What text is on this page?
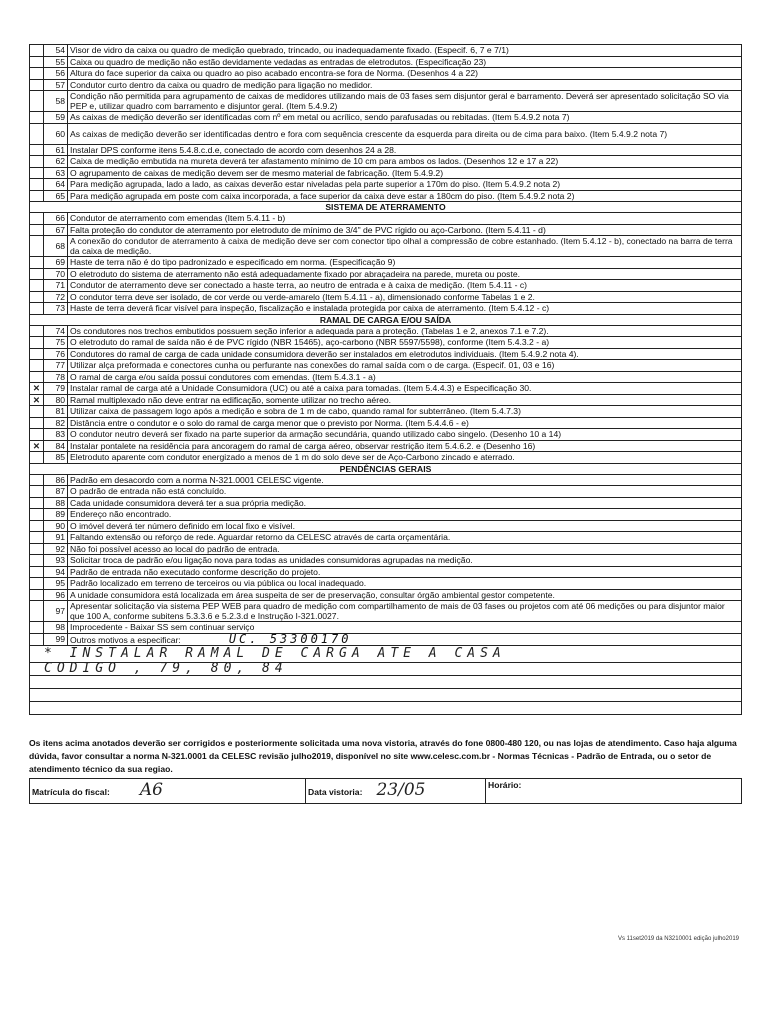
	54	Visor de vidro da caixa ou quadro de medição quebrado, trincado, ou inadequadamente fixado. (Especif. 6, 7 e 7/1)
	55	Caixa ou quadro de medição não estão devidamente vedadas as entradas de eletrodutos. (Especificação 23)
	56	Altura do face superior da caixa ou quadro ao piso acabado encontra-se fora de Norma. (Desenhos 4 a 22)
	57	Condutor curto dentro da caixa ou quadro de medição para ligação no medidor.
	58	Condição não permitida para agrupamento de caixas de medidores utilizando mais de 03 fases sem disjuntor geral e barramento. Deverá ser apresentado solicitação SO via PEP e, utilizar quadro com barramento e disjuntor geral. (Item 5.4.9.2)
	59	As caixas de medição deverão ser identificadas com nº em metal ou acrílico, sendo parafusadas ou rebitadas. (Item 5.4.9.2 nota 7)
	60	As caixas de medição deverão ser identificadas dentro e fora com sequência crescente da esquerda para direita ou de cima para baixo. (Item 5.4.9.2 nota 7)
	61	Instalar DPS conforme itens 5.4.8.c.d.e, conectado de acordo com desenhos 24 a 28.
	62	Caixa de medição embutida na mureta deverá ter afastamento mínimo de 10 cm para ambos os lados. (Desenhos 12 e 17 a 22)
	63	O agrupamento de caixas de medição devem ser de mesmo material de fabricação. (Item 5.4.9.2)
	64	Para medição agrupada, lado a lado, as caixas deverão estar niveladas pela parte superior a 170m do piso. (Item 5.4.9.2 nota 2)
	65	Para medição agrupada em poste com caixa incorporada, a face superior da caixa deve estar a 180cm do piso. (Item 5.4.9.2 nota 2)
SISTEMA DE ATERRAMENTO		
	66	Condutor de aterramento com emendas (Item 5.4.11 - b)
	67	Falta proteção do condutor de aterramento por eletroduto de mínimo de 3/4" de PVC rígido ou aço-Carbono. (Item 5.4.11 - d)
	68	A conexão do condutor de aterramento à caixa de medição deve ser com conector tipo olhal a compressão de cobre estanhado. (Item 5.4.12 - b), conectado na barra de terra da caixa de medição.
	69	Haste de terra não é do tipo padronizado e especificado em norma. (Especificação 9)
	70	O eletroduto do sistema de aterramento não está adequadamente fixado por abraçadeira na parede, mureta ou poste.
	71	Condutor de aterramento deve ser conectado a haste terra, ao neutro de entrada e à caixa de medição. (Item 5.4.11 - c)
	72	O condutor terra deve ser isolado, de cor verde ou verde-amarelo (Item 5.4.11 - a), dimensionado conforme Tabelas 1 e 2.
	73	Haste de terra deverá ficar visível para inspeção, fiscalização e instalada protegida por caixa de aterramento. (Item 5.4.12 - c)
RAMAL DE CARGA E/OU SAÍDA		
	74	Os condutores nos trechos embutidos possuem seção inferior a adequada para a proteção. (Tabelas 1 e 2, anexos 7.1 e 7.2).
	75	O eletroduto do ramal de saída não é de PVC rígido (NBR 15465), aço-carbono (NBR 5597/5598), conforme (Item 5.4.3.2 - a)
	76	Condutores do ramal de carga de cada unidade consumidora deverão ser instalados em eletrodutos individuais. (Item 5.4.9.2 nota 4).
	77	Utilizar alça preformada e conectores cunha ou perfurante nas conexões do ramal saída com o de carga. (Especif. 01, 03 e 16)
	78	O ramal de carga e/ou saída possui condutores com emendas. (Item 5.4.3.1 - a)
✕	79	Instalar ramal de carga até a Unidade Consumidora (UC) ou até a caixa para tomadas. (Item 5.4.4.3) e Especificação 30.
✕	80	Ramal multiplexado não deve entrar na edificação, somente utilizar no trecho aéreo.
	81	Utilizar caixa de passagem logo após a medição e sobra de 1 m de cabo, quando ramal for subterrâneo. (Item 5.4.7.3)
	82	Distância entre o condutor e o solo do ramal de carga menor que o previsto por Norma. (Item 5.4.4.6 - e)
	83	O condutor neutro deverá ser fixado na parte superior da armação secundária, quando utilizado cabo singelo. (Desenho 10 a 14)
✕	84	Instalar pontalete na residência para ancoragem do ramal de carga aéreo, observar restrição item 5.4.6.2. e (Desenho 16)
	85	Eletroduto aparente com condutor energizado a menos de 1 m do solo deve ser de Aço-Carbono zincado e aterrado.
PENDÊNCIAS GERAIS		
	86	Padrão em desacordo com a norma N-321.0001 CELESC vigente.
	87	O padrão de entrada não está concluído.
	88	Cada unidade consumidora deverá ter a sua própria medição.
	89	Endereço não encontrado.
	90	O imóvel deverá ter número definido em local fixo e visível.
	91	Faltando extensão ou reforço de rede. Aguardar retorno da CELESC através de carta orçamentária.
	92	Não foi possível acesso ao local do padrão de entrada.
	93	Solicitar troca de padrão e/ou ligação nova para todas as unidades consumidoras agrupadas na medição.
	94	Padrão de entrada não executado conforme descrição do projeto.
	95	Padrão localizado em terreno de terceiros ou via pública ou local inadequado.
	96	A unidade consumidora está localizada em área suspeita de ser de preservação, consultar órgão ambiental gestor competente.
	97	Apresentar solicitação via sistema PEP WEB para quadro de medição com compartilhamento de mais de 03 fases ou projetos com até 06 medições ou para disjuntor maior que 100 A, conforme subitens 5.3.3.6 e 5.2.3.d e Instrução I-321.0027.
	98	Improcedente - Baixar SS sem continuar serviço
	99	Outros motivos a especificar: UC. 53300170
* INSTALAR RAMAL DE CARGA ATE A CASA
CODIGO , 79, 80, 84
Os itens acima anotados deverão ser corrigidos e posteriormente solicitada uma nova vistoria, através do fone 0800-480 120, ou nas lojas de atendimento. Caso haja alguma dúvida, favor consultar a norma N-321.0001 da CELESC revisão julho2019, disponível no site www.celesc.com.br - Normas Técnicas - Padrão de Entrada, ou o setor de atendimento técnico da sua regiao.
Matrícula do fiscal: A6	Data vistoria: 23/05	Horário:
Vs 11set2019 da N3210001 edição julho2019
